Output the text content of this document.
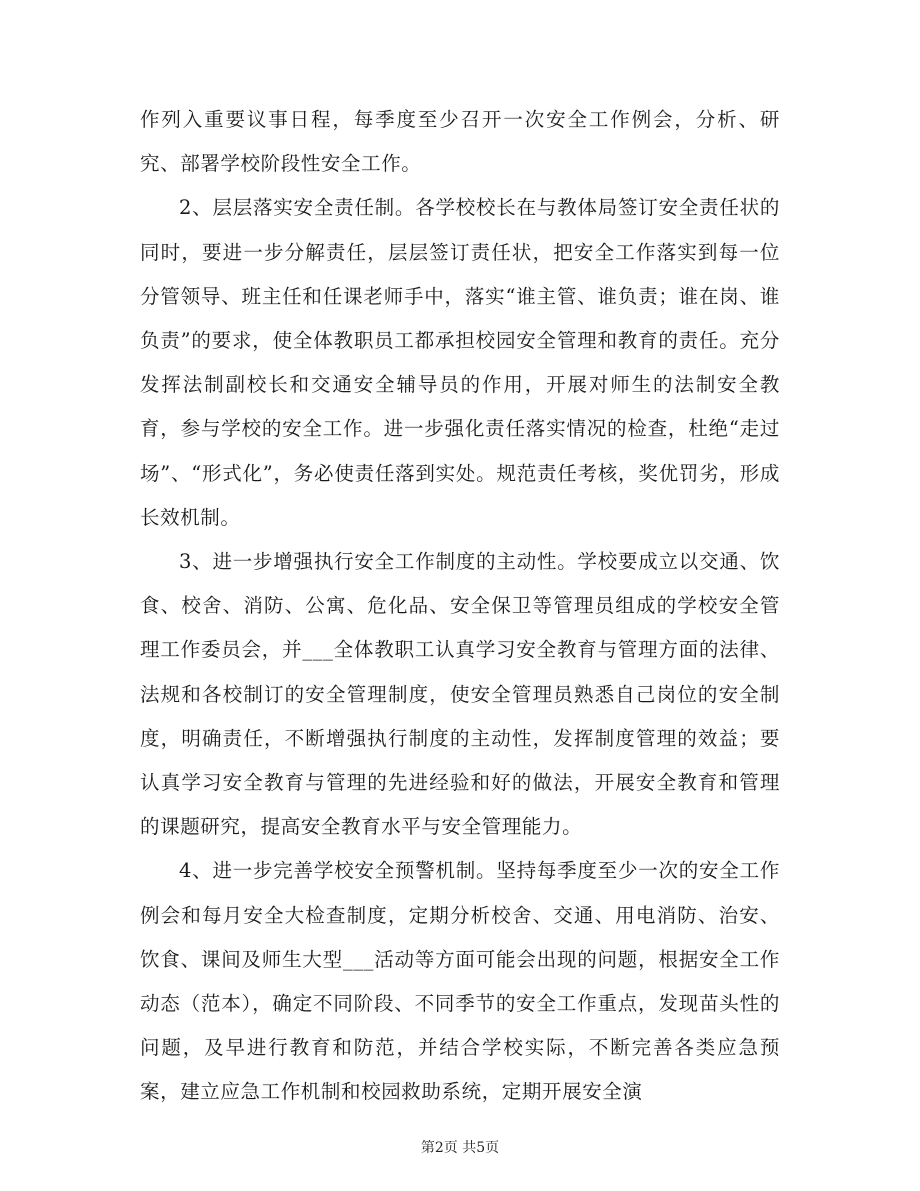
作列入重要议事日程，每季度至少召开一次安全工作例会，分析、研究、部署学校阶段性安全工作。

2、层层落实安全责任制。各学校校长在与教体局签订安全责任状的同时，要进一步分解责任，层层签订责任状，把安全工作落实到每一位分管领导、班主任和任课老师手中，落实“谁主管、谁负责；谁在岗、谁负责”的要求，使全体教职员工都承担校园安全管理和教育的责任。充分发挥法制副校长和交通安全辅导员的作用，开展对师生的法制安全教育，参与学校的安全工作。进一步强化责任落实情况的检查，杜绝“走过场”、“形式化”，务必使责任落到实处。规范责任考核，奖优罚劣，形成长效机制。

3、进一步增强执行安全工作制度的主动性。学校要成立以交通、饮食、校舍、消防、公寓、危化品、安全保卫等管理员组成的学校安全管理工作委员会，并___全体教职工认真学习安全教育与管理方面的法律、法规和各校制订的安全管理制度，使安全管理员熟悉自己岗位的安全制度，明确责任，不断增强执行制度的主动性，发挥制度管理的效益；要认真学习安全教育与管理的先进经验和好的做法，开展安全教育和管理的课题研究，提高安全教育水平与安全管理能力。

4、进一步完善学校安全预警机制。坚持每季度至少一次的安全工作例会和每月安全大检查制度，定期分析校舍、交通、用电消防、治安、饮食、课间及师生大型___活动等方面可能会出现的问题，根据安全工作动态（范本），确定不同阶段、不同季节的安全工作重点，发现苗头性的问题，及早进行教育和防范，并结合学校实际，不断完善各类应急预案，建立应急工作机制和校园救助系统，定期开展安全演

第2页 共5页
